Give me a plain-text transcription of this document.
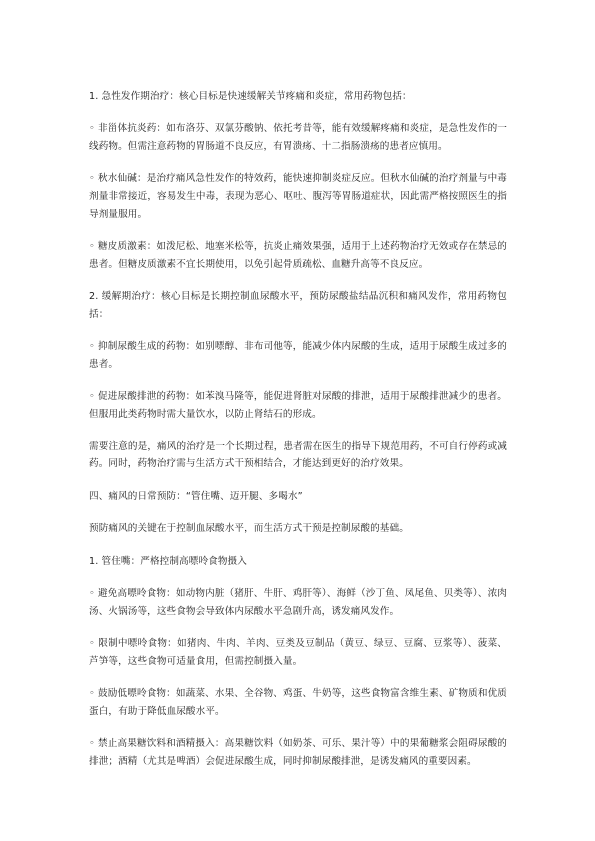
1. 急性发作期治疗：核心目标是快速缓解关节疼痛和炎症，常用药物包括：

◦ 非甾体抗炎药：如布洛芬、双氯芬酸钠、依托考昔等，能有效缓解疼痛和炎症，是急性发作的一线药物。但需注意药物的胃肠道不良反应，有胃溃疡、十二指肠溃疡的患者应慎用。

◦ 秋水仙碱：是治疗痛风急性发作的特效药，能快速抑制炎症反应。但秋水仙碱的治疗剂量与中毒剂量非常接近，容易发生中毒，表现为恶心、呕吐、腹泻等胃肠道症状，因此需严格按照医生的指导剂量服用。

◦ 糖皮质激素：如泼尼松、地塞米松等，抗炎止痛效果强，适用于上述药物治疗无效或存在禁忌的患者。但糖皮质激素不宜长期使用，以免引起骨质疏松、血糖升高等不良反应。

2. 缓解期治疗：核心目标是长期控制血尿酸水平，预防尿酸盐结晶沉积和痛风发作，常用药物包括：

◦ 抑制尿酸生成的药物：如别嘌醇、非布司他等，能减少体内尿酸的生成，适用于尿酸生成过多的患者。

◦ 促进尿酸排泄的药物：如苯溴马隆等，能促进肾脏对尿酸的排泄，适用于尿酸排泄减少的患者。但服用此类药物时需大量饮水，以防止肾结石的形成。

需要注意的是，痛风的治疗是一个长期过程，患者需在医生的指导下规范用药，不可自行停药或减药。同时，药物治疗需与生活方式干预相结合，才能达到更好的治疗效果。

四、痛风的日常预防：“管住嘴、迈开腿、多喝水”

预防痛风的关键在于控制血尿酸水平，而生活方式干预是控制尿酸的基础。

1. 管住嘴：严格控制高嘌呤食物摄入

◦ 避免高嘌呤食物：如动物内脏（猪肝、牛肝、鸡肝等）、海鲜（沙丁鱼、凤尾鱼、贝类等）、浓肉汤、火锅汤等，这些食物会导致体内尿酸水平急剧升高，诱发痛风发作。

◦ 限制中嘌呤食物：如猪肉、牛肉、羊肉、豆类及豆制品（黄豆、绿豆、豆腐、豆浆等）、菠菜、芦笋等，这些食物可适量食用，但需控制摄入量。

◦ 鼓励低嘌呤食物：如蔬菜、水果、全谷物、鸡蛋、牛奶等，这些食物富含维生素、矿物质和优质蛋白，有助于降低血尿酸水平。

◦ 禁止高果糖饮料和酒精摄入：高果糖饮料（如奶茶、可乐、果汁等）中的果葡糖浆会阻碍尿酸的排泄；酒精（尤其是啤酒）会促进尿酸生成，同时抑制尿酸排泄，是诱发痛风的重要因素。
